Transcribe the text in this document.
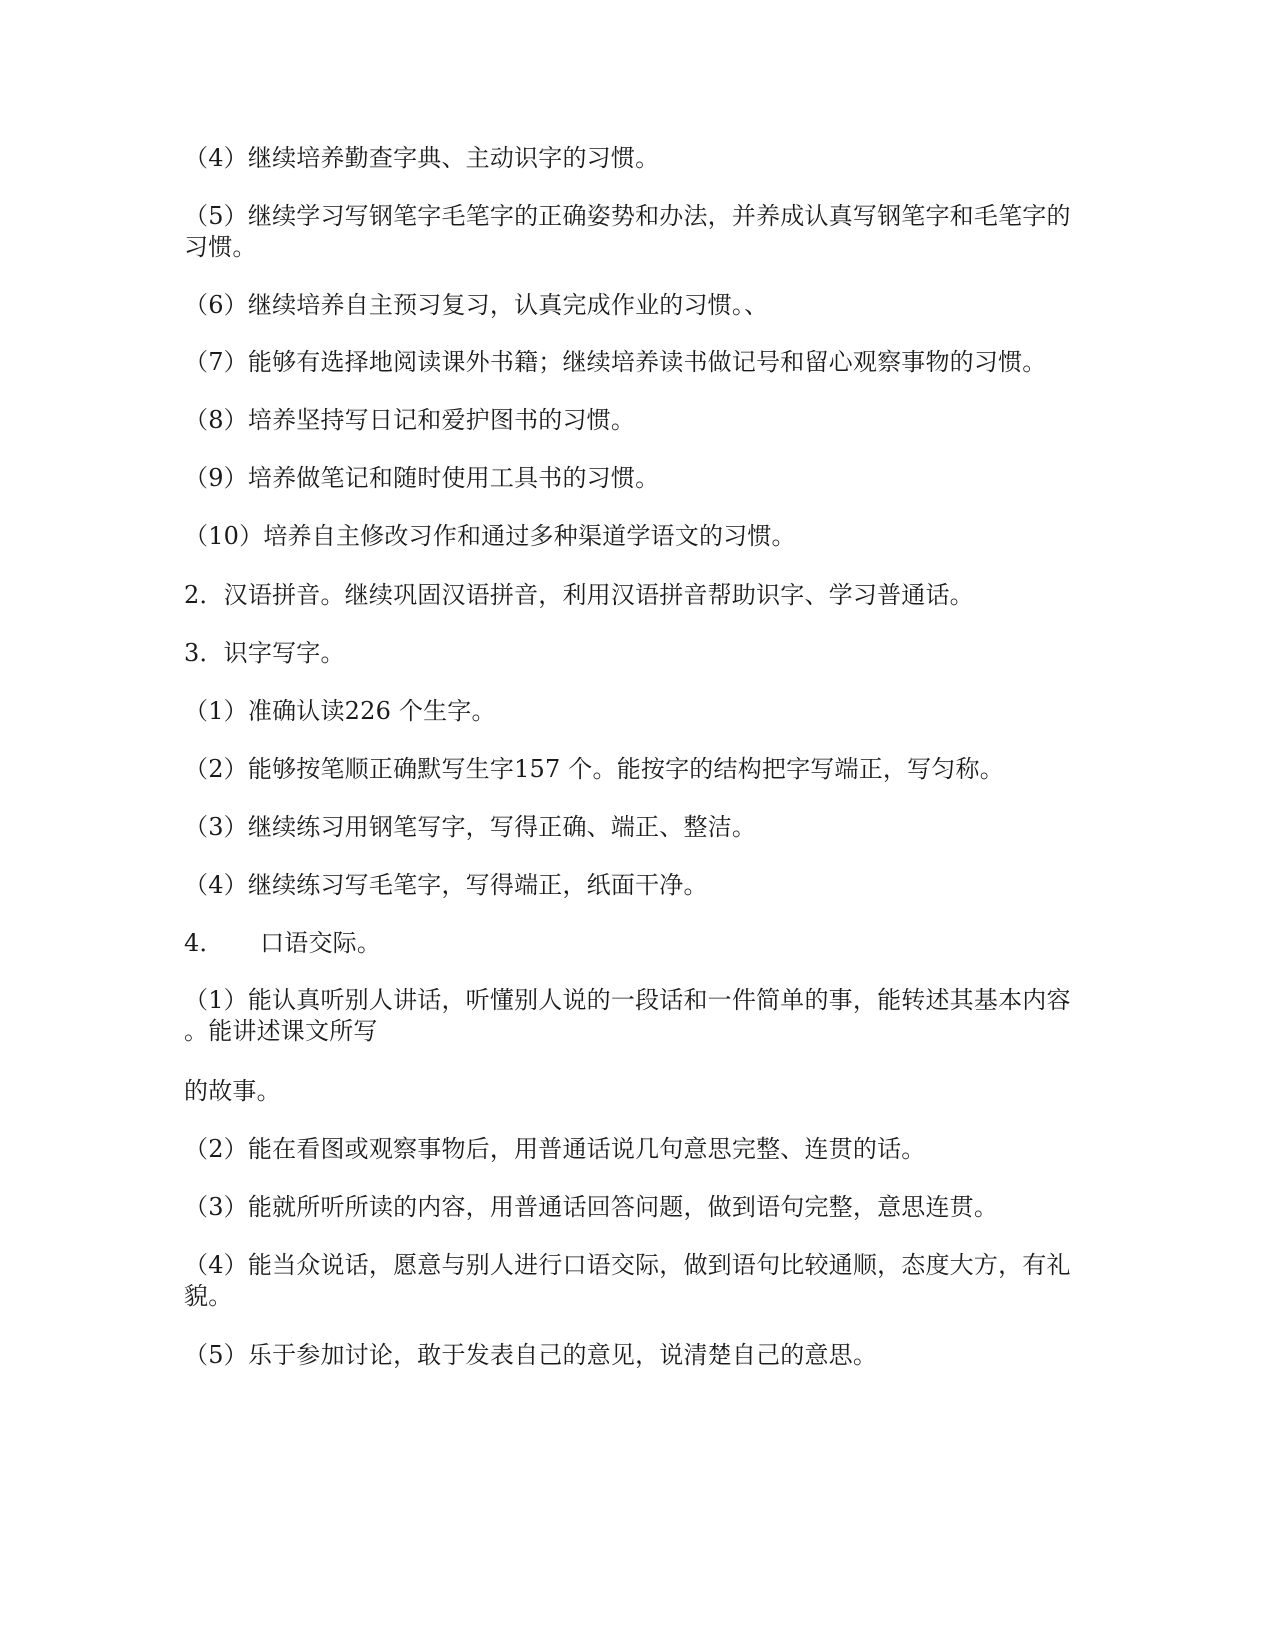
（4）继续培养勤查字典、主动识字的习惯。
（5）继续学习写钢笔字毛笔字的正确姿势和办法，并养成认真写钢笔字和毛笔字的
习惯。
（6）继续培养自主预习复习，认真完成作业的习惯。、
（7）能够有选择地阅读课外书籍；继续培养读书做记号和留心观察事物的习惯。
（8）培养坚持写日记和爱护图书的习惯。
（9）培养做笔记和随时使用工具书的习惯。
（10）培养自主修改习作和通过多种渠道学语文的习惯。
2．汉语拼音。继续巩固汉语拼音，利用汉语拼音帮助识字、学习普通话。
3．识字写字。
（1）准确认读226 个生字。
（2）能够按笔顺正确默写生字157 个。能按字的结构把字写端正，写匀称。
（3）继续练习用钢笔写字，写得正确、端正、整洁。
（4）继续练习写毛笔字，写得端正，纸面干净。
4．　　口语交际。
（1）能认真听别人讲话，听懂别人说的一段话和一件简单的事，能转述其基本内容
。能讲述课文所写
的故事。
（2）能在看图或观察事物后，用普通话说几句意思完整、连贯的话。
（3）能就所听所读的内容，用普通话回答问题，做到语句完整，意思连贯。
（4）能当众说话，愿意与别人进行口语交际，做到语句比较通顺，态度大方，有礼
貌。
（5）乐于参加讨论，敢于发表自己的意见，说清楚自己的意思。
